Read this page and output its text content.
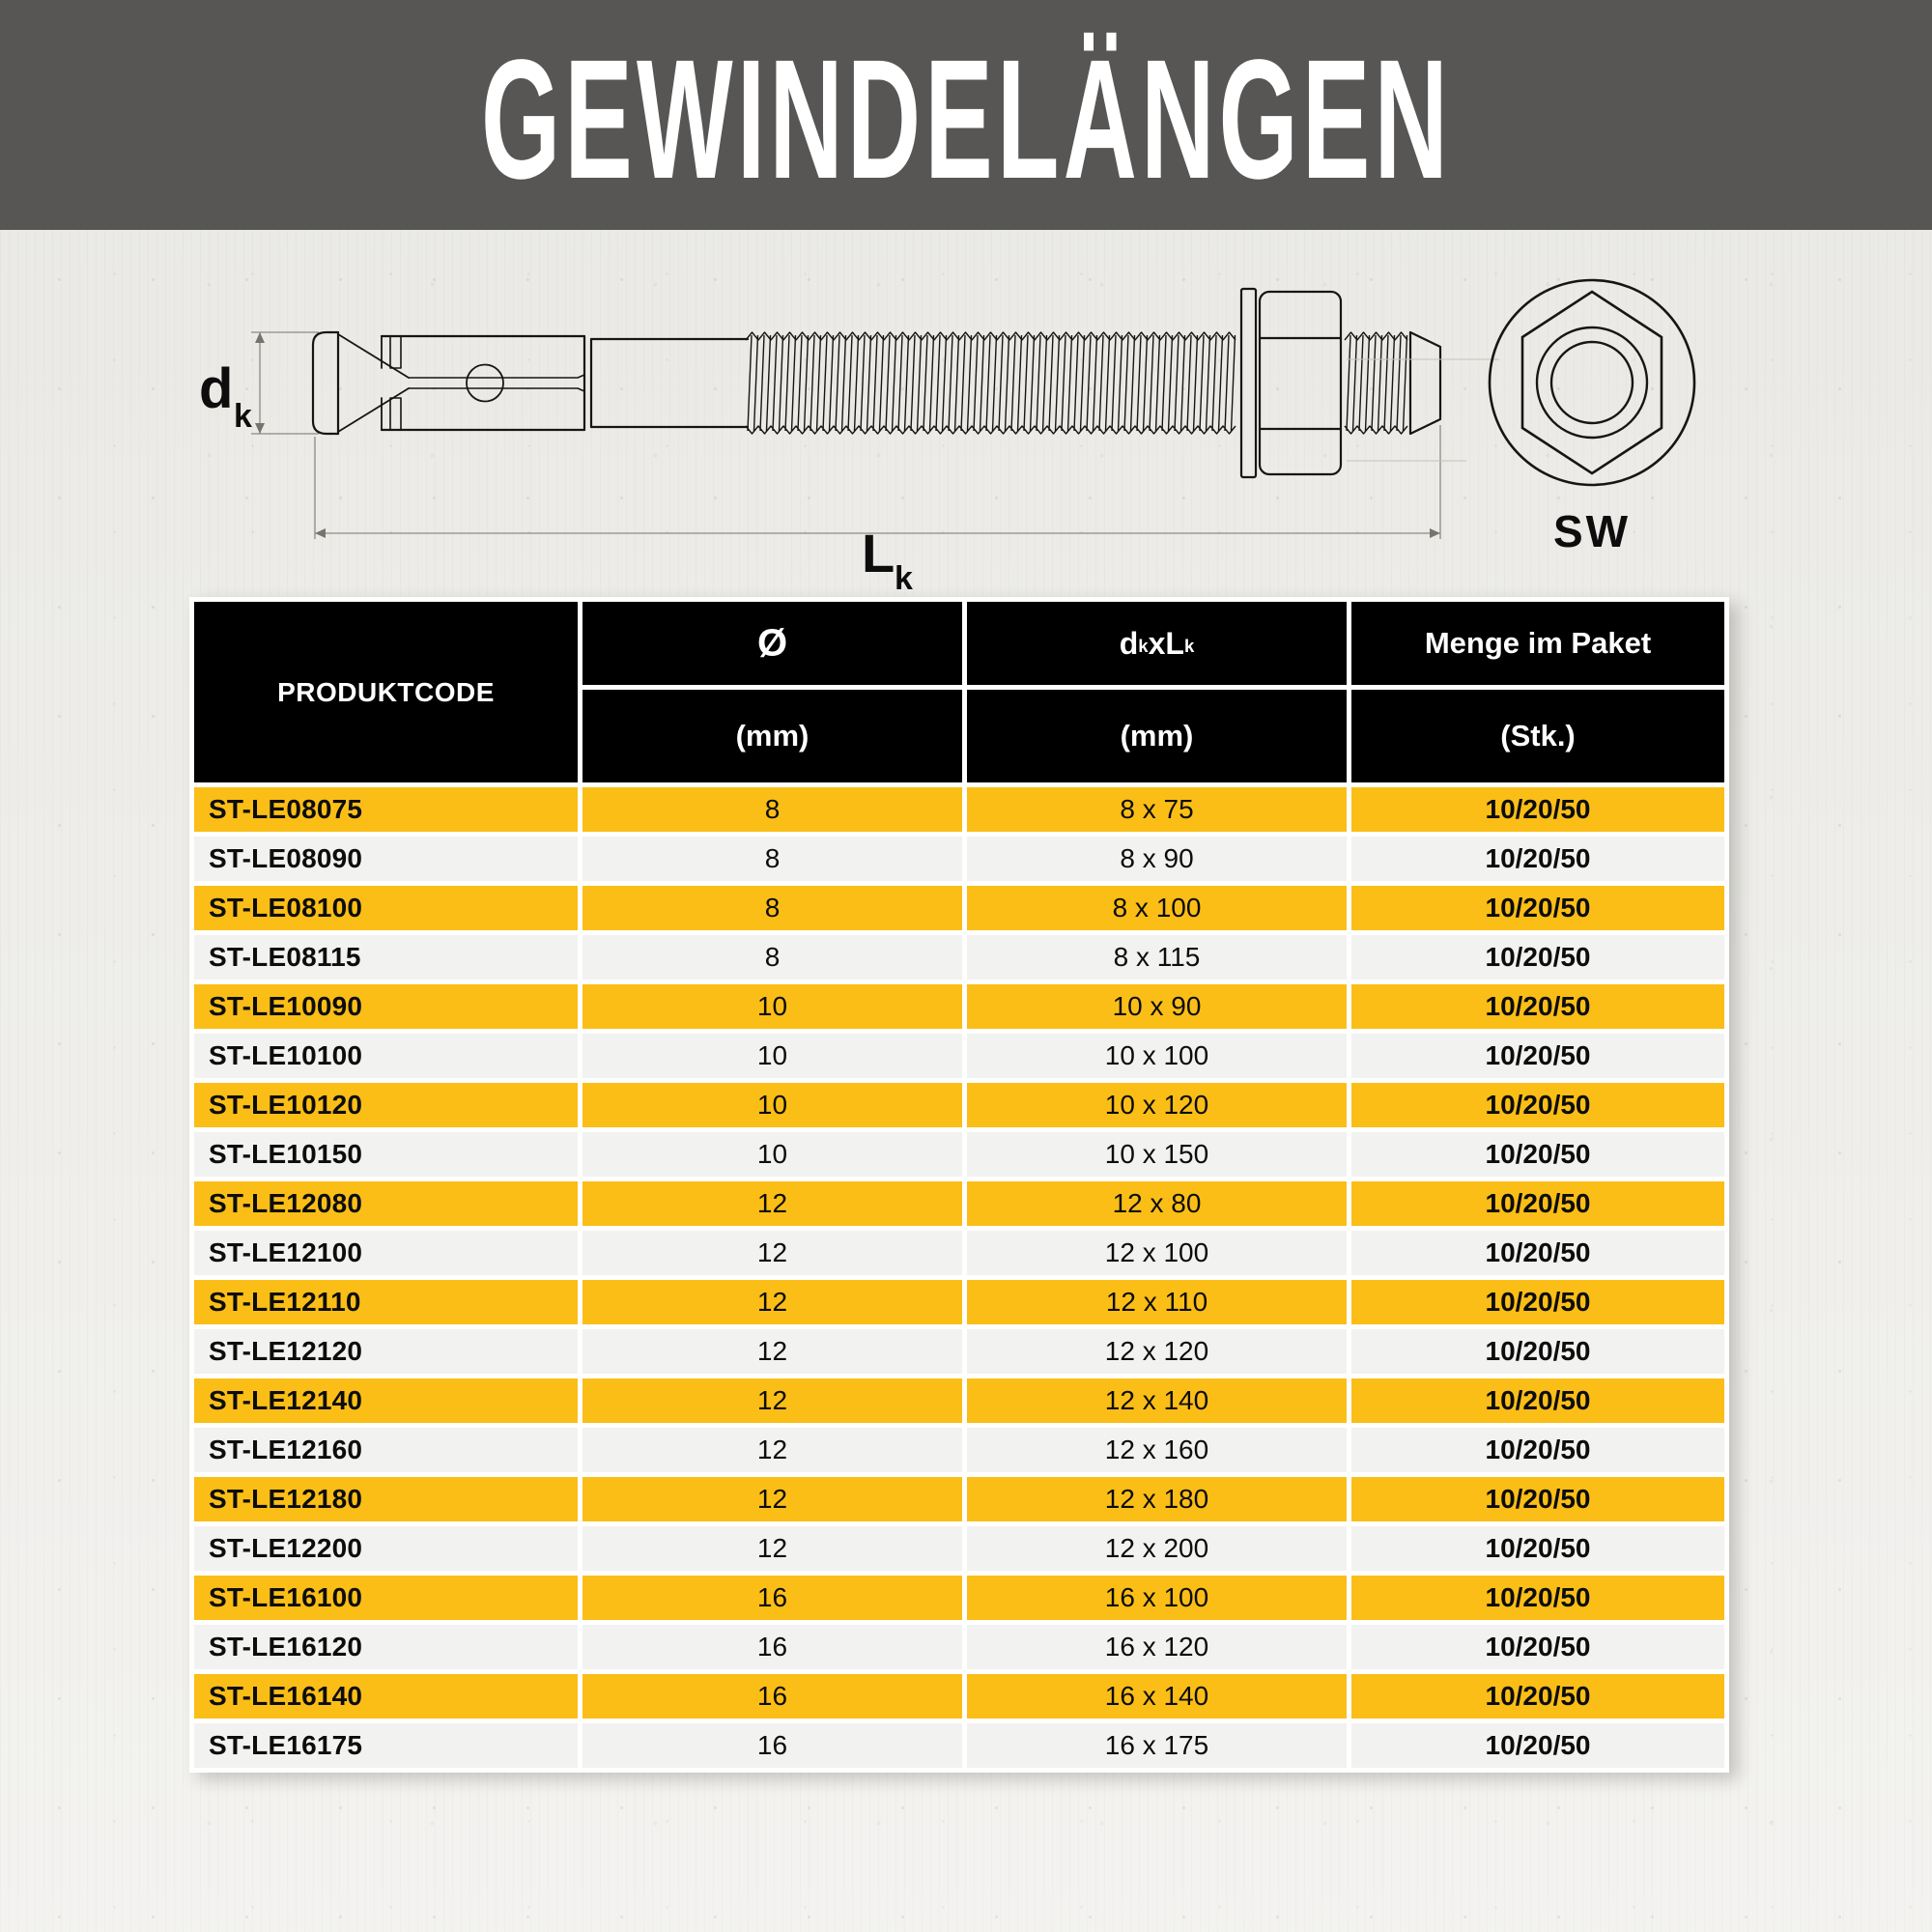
GEWINDELÄNGEN
d k
L k
SW
PRODUKTCODE
Ø	$d_k$ x $L_k$	Menge im Paket
(mm)	(mm)	(Stk.)
ST-LE08075	8	8 x 75	10/20/50
ST-LE08090	8	8 x 90	10/20/50
ST-LE08100	8	8 x 100	10/20/50
ST-LE08115	8	8 x 115	10/20/50
ST-LE10090	10	10 x 90	10/20/50
ST-LE10100	10	10 x 100	10/20/50
ST-LE10120	10	10 x 120	10/20/50
ST-LE10150	10	10 x 150	10/20/50
ST-LE12080	12	12 x 80	10/20/50
ST-LE12100	12	12 x 100	10/20/50
ST-LE12110	12	12 x 110	10/20/50
ST-LE12120	12	12 x 120	10/20/50
ST-LE12140	12	12 x 140	10/20/50
ST-LE12160	12	12 x 160	10/20/50
ST-LE12180	12	12 x 180	10/20/50
ST-LE12200	12	12 x 200	10/20/50
ST-LE16100	16	16 x 100	10/20/50
ST-LE16120	16	16 x 120	10/20/50
ST-LE16140	16	16 x 140	10/20/50
ST-LE16175	16	16 x 175	10/20/50
